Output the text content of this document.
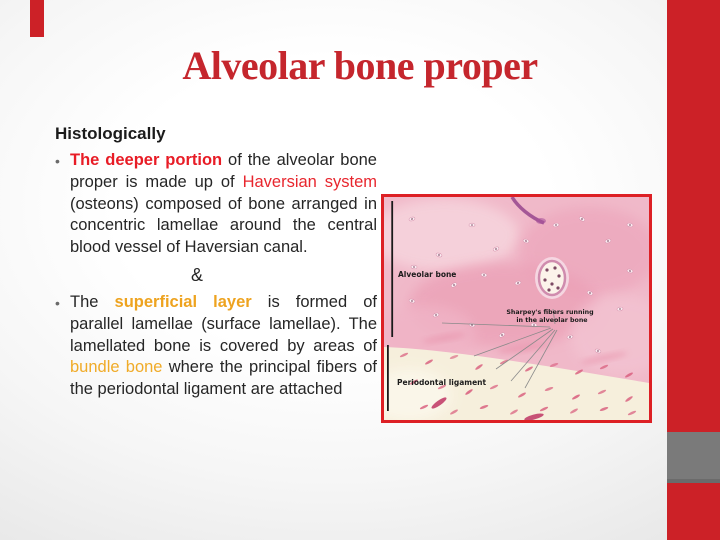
Alveolar bone proper

Histologically

• The deeper portion of the alveolar bone proper is made up of Haversian system (osteons) composed of bone arranged in concentric lamellae around the central blood vessel of Haversian canal.

&

• The superficial layer is formed of parallel lamellae (surface lamellae). The lamellated bone is covered by areas of bundle bone where the principal fibers of the periodontal ligament are attached

Alveolar bone
Sharpey's fibers running
in the alveolar bone
Periodontal ligament
